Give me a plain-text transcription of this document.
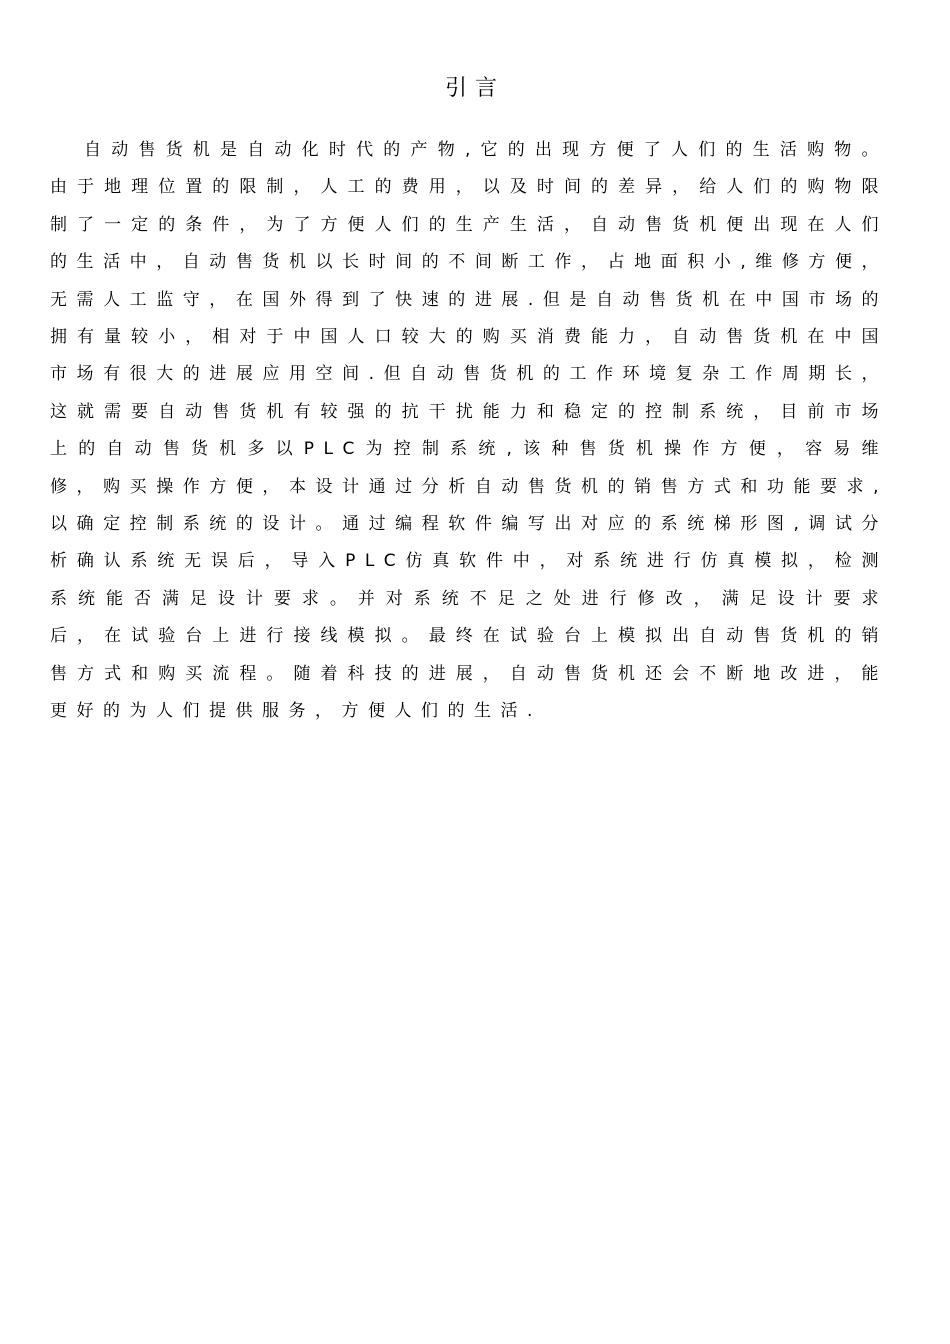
引言

自动售货机是自动化时代的产物,它的出现方便了人们的生活购物。由于地理位置的限制，人工的费用，以及时间的差异，给人们的购物限制了一定的条件，为了方便人们的生产生活，自动售货机便出现在人们的生活中，自动售货机以长时间的不间断工作，占地面积小,维修方便，无需人工监守，在国外得到了快速的进展.但是自动售货机在中国市场的拥有量较小，相对于中国人口较大的购买消费能力，自动售货机在中国市场有很大的进展应用空间.但自动售货机的工作环境复杂工作周期长，这就需要自动售货机有较强的抗干扰能力和稳定的控制系统，目前市场上的自动售货机多以PLC为控制系统,该种售货机操作方便，容易维修，购买操作方便，本设计通过分析自动售货机的销售方式和功能要求,以确定控制系统的设计。通过编程软件编写出对应的系统梯形图,调试分析确认系统无误后，导入PLC仿真软件中，对系统进行仿真模拟，检测系统能否满足设计要求。并对系统不足之处进行修改，满足设计要求后，在试验台上进行接线模拟。最终在试验台上模拟出自动售货机的销售方式和购买流程。随着科技的进展，自动售货机还会不断地改进，能更好的为人们提供服务，方便人们的生活.
